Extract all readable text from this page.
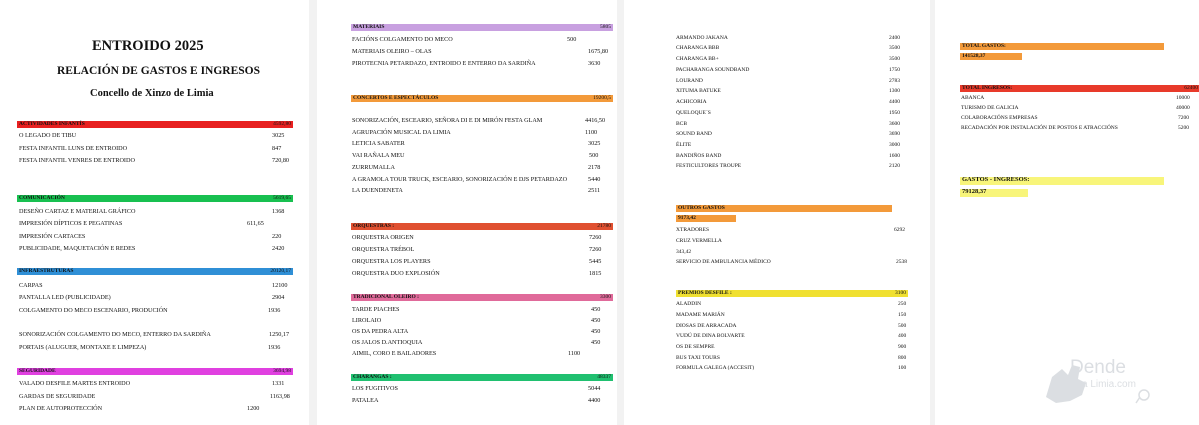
ENTROIDO 2025
RELACIÓN DE GASTOS E INGRESOS
Concello de Xinzo de Limia
ACTIVIDADES INFANTÍS	4592,80
O LEGADO DE TIBU	3025
FESTA INFANTIL LUNS DE ENTROIDO	847
FESTA INFANTIL VENRES DE ENTROIDO	720,80
COMUNICACIÓN	5619,65
DESEÑO CARTAZ E MATERIAL GRÁFICO	1368
IMPRESIÓN DÍPTICOS E PEGATINAS	611,65
IMPRESIÓN CARTACES	220
PUBLICIDADE, MAQUETACIÓN E REDES	2420
INFRAESTRUTURAS	20120,17
CARPAS	12100
PANTALLA LED (PUBLICIDADE)	2904
COLGAMENTO DO MECO ESCENARIO, PRODUCIÓN	1936
SONORIZACIÓN COLGAMENTO DO MECO, ENTERRO DA SARDIÑA	1250,17
PORTAIS (ALUGUER, MONTAXE E LIMPEZA)	1936
SEGURIDADE	3694,98
VALADO DESFILE MARTES ENTROIDO	1331
GARDAS DE SEGURIDADE	1163,98
PLAN DE AUTOPROTECCIÓN	1200
MATERIAIS	5805
FACIÓNS COLGAMENTO DO MECO	500
MATERIAIS OLEIRO – OLAS	1675,80
PIROTECNIA PETARDAZO, ENTROIDO E ENTERRO DA SARDIÑA	3630
CONCERTOS E ESPECTÁCULOS	19200,5
SONORIZACIÓN, ESCEARIO, SEÑORA DI E DI MIRÓN FESTA GLAM	4416,50
AGRUPACIÓN MUSICAL DA LIMIA	1100
LETICIA SABATER	3025
VAI RAÑALA MEU	500
ZURRUMALLA	2178
A GRAMOLA TOUR TRUCK, ESCEARIO, SONORIZACIÓN E DJS PETARDAZO	5440
LA DUENDENETA	2511
ORQUESTRAS :	21780
ORQUESTRA ORIGEN	7260
ORQUESTRA TRÉBOL	7260
ORQUESTRA LOS PLAYERS	5445
ORQUESTRA DUO EXPLOSIÓN	1815
TRADICIONAL OLEIRO :	3300
TARDE PIACHES	450
LIROLAIO	450
OS DA PEDRA ALTA	450
OS JALOS D.ANTIOQUIA	450
AIMIL, CORO E BAILADORES	1100
CHARANGAS :	48337
LOS FUGITIVOS	5044
PATALEA	4400
ARMANDO JAKANA	2400
CHARANGA BBB	3500
CHARANGA BB+	3500
PACHARANGA SOUNDBAND	1750
LOURAND	2783
XITUMA BATUKE	1300
ACHICORIA	4400
QUELOQUE´S	1950
BCB	3600
SOUND BAND	3690
ÉLITE	3000
BANDIÑOS BAND	1600
FESTICULTORES TROUPE	2120
OUTROS GASTOS
9173,42
XTRADORES	6292
CRUZ VERMELLA
343,42
SERVICIO DE AMBULANCIA MÉDICO	2538
PREMIOS DESFILE :	3100
ALADDIN	250
MADAME MARIÁN	150
DIOSAS DE ARRACADA	500
VUDÚ DE DINA BOLVARTE	400
OS DE SEMPRE	900
BUS TAXI TOURS	800
FORMULA GALEGA (ACCESIT)	100
TOTAL GASTOS:
141528,37
TOTAL INGRESOS:	62400
ABANCA	10000
TURISMO DE GALICIA	40000
COLABORACIÓNS EMPRESAS	7200
RECADACIÓN POR INSTALACIÓN DE POSTOS E ATRACCIÓNS	5200
GASTOS - INGRESOS:
79128,37
Dende
a Limia.com
